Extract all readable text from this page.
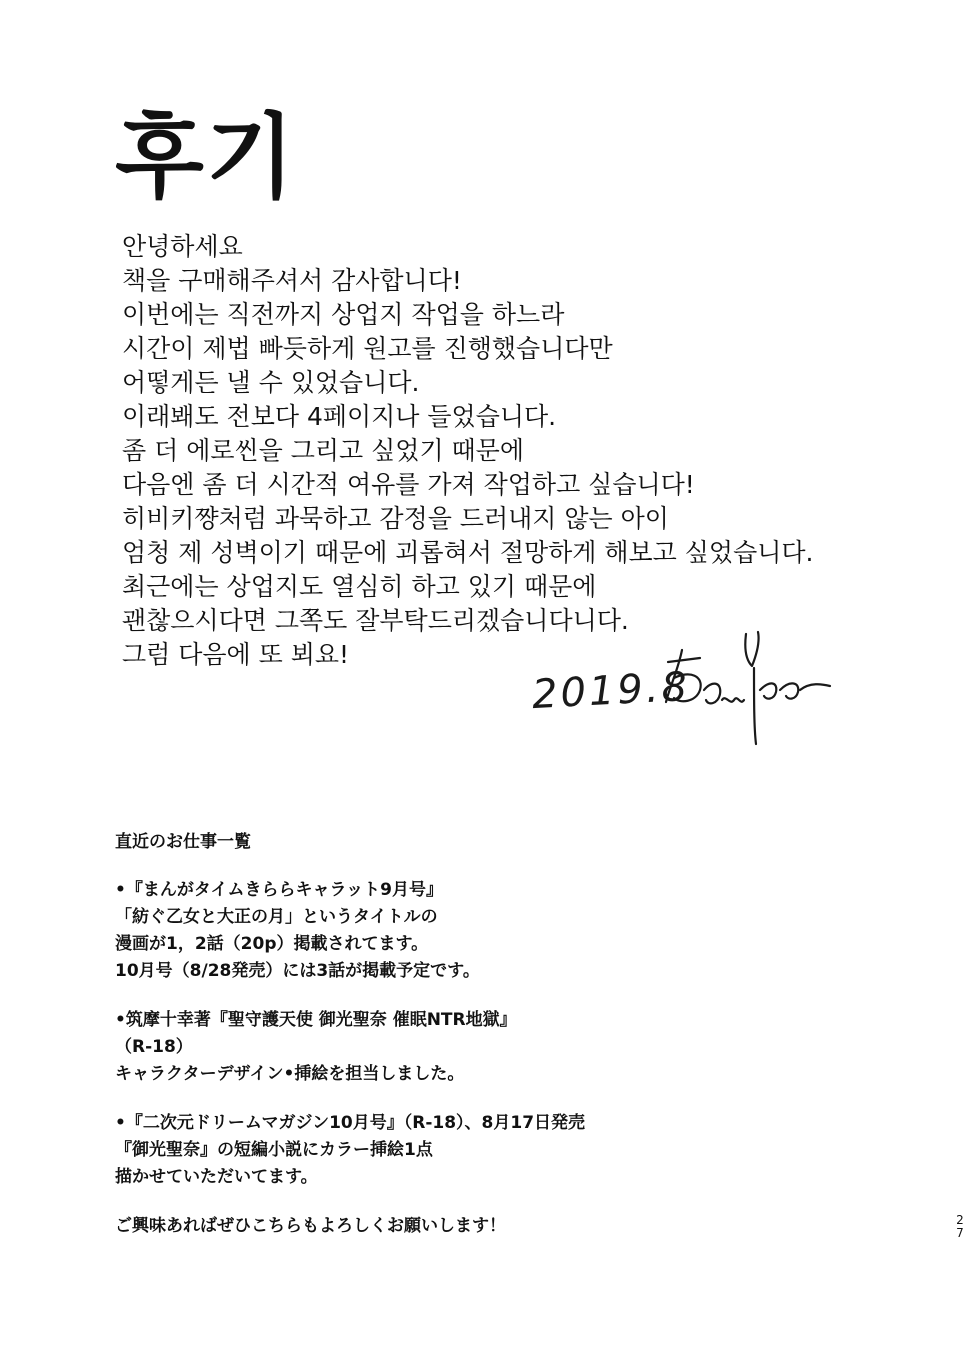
후기
안녕하세요
책을 구매해주셔서 감사합니다!
이번에는 직전까지 상업지 작업을 하느라
시간이 제법 빠듯하게 원고를 진행했습니다만
어떻게든 낼 수 있었습니다.
이래봬도 전보다 4페이지나 들었습니다.
좀 더 에로씬을 그리고 싶었기 때문에
다음엔 좀 더 시간적 여유를 가져 작업하고 싶습니다!
히비키쨩처럼 과묵하고 감정을 드러내지 않는 아이
엄청 제 성벽이기 때문에 괴롭혀서 절망하게 해보고 싶었습니다.
최근에는 상업지도 열심히 하고 있기 때문에
괜찮으시다면 그쪽도 잘부탁드리겠습니다니다.
그럼 다음에 또 뵈요!
2019.8
直近のお仕事一覧
•『まんがタイムきららキャラット9月号』
「紡ぐ乙女と大正の月」というタイトルの
漫画が1，2話（20p）掲載されてます。
10月号（8/28発売）には3話が掲載予定です。
•筑摩十幸著『聖守護天使 御光聖奈 催眠NTR地獄』
（R-18）
キャラクターデザイン•挿絵を担当しました。
•『二次元ドリームマガジン10月号』（R-18）、8月17日発売
『御光聖奈』の短編小説にカラー挿絵1点
描かせていただいてます。
ご興味あればぜひこちらもよろしくお願いします！	2
7
